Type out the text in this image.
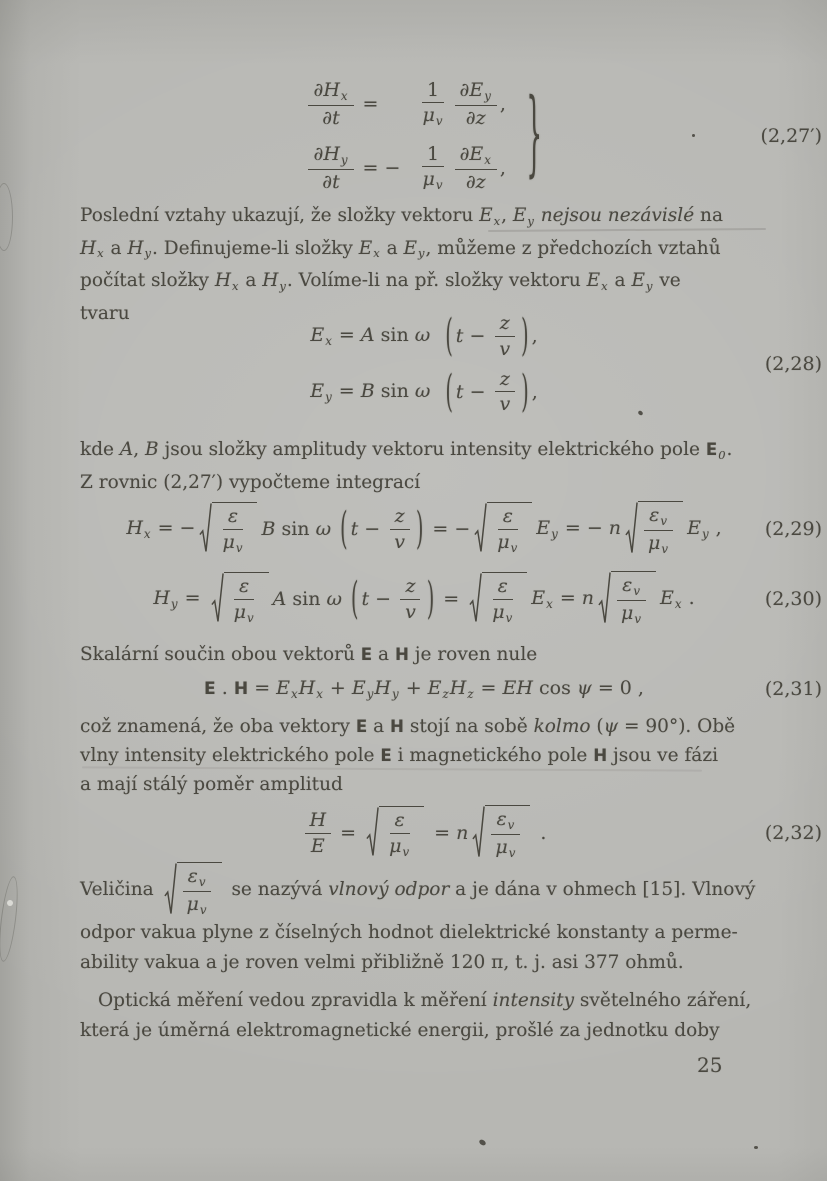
$\frac{\partial Hx}{\partial t}$ =	$\frac{1}{\mu v} \frac{\partial Ey}{\partial z}$ ,
$\frac{\partial Hy}{\partial t}$ = − $\frac{1}{\mu v} \frac{\partial Ex}{\partial z}$ , }	(2,27′)
Poslední vztahy ukazují, že složky vektoru Ex, Ey nejsou nezávislé na
Hx a Hy. Definujeme-li složky Ex a Ey, můžeme z předchozích vztahů
počítat složky Hx a Hy. Volíme-li na př. složky vektoru Ex a Ey ve
tvaru
Ex = A sin ω ( $t - \frac{z}{v}$ ) ,
Ey = B sin ω ( $t - \frac{z}{v}$ ) ,
(2,28)
kde A, B jsou složky amplitudy vektoru intensity elektrického pole E0.
Z rovnic (2,27′) vypočteme integrací
Hx = − $\frac{\varepsilon}{\mu v}$ B sin ω ( $t - \frac{z}{v}$ ) = − $\frac{\varepsilon}{\mu v}$ Ey = − n $\frac{\varepsilon v}{\mu v}$ Ey , (2,29)
$Hy = \frac{\varepsilon}{\mu v}$ A sin ω ( $t - \frac{z}{v}$ ) = $\frac{\varepsilon}{\mu v}$ Ex = n $\frac{\varepsilon v}{\mu v}$ Ex .	(2,30)
Skalární součin obou vektorů E a H je roven nule
E . H = ExHx + EyHy + EzHz = EH cos ψ = 0 ,	(2,31)
což znamená, že oba vektory E a H stojí na sobě kolmo (ψ = 90°). Obě
vlny intensity elektrického pole E i magnetického pole H jsou ve fázi
a mají stálý poměr amplitud
$\frac{H}{E} = \frac{\varepsilon}{\mu v} = n \frac{\varepsilon v}{\mu v}$ .	(2,32)
Veličina $\frac{\varepsilon v}{\mu v}$ se nazývá vlnový odpor a je dána v ohmech [15]. Vlnový
odpor vakua plyne z číselných hodnot dielektrické konstanty a perme-
ability vakua a je roven velmi přibližně 120 π, t. j. asi 377 ohmů.
Optická měření vedou zpravidla k měření intensity světelného záření,
která je úměrná elektromagnetické energii, prošlé za jednotku doby
25
